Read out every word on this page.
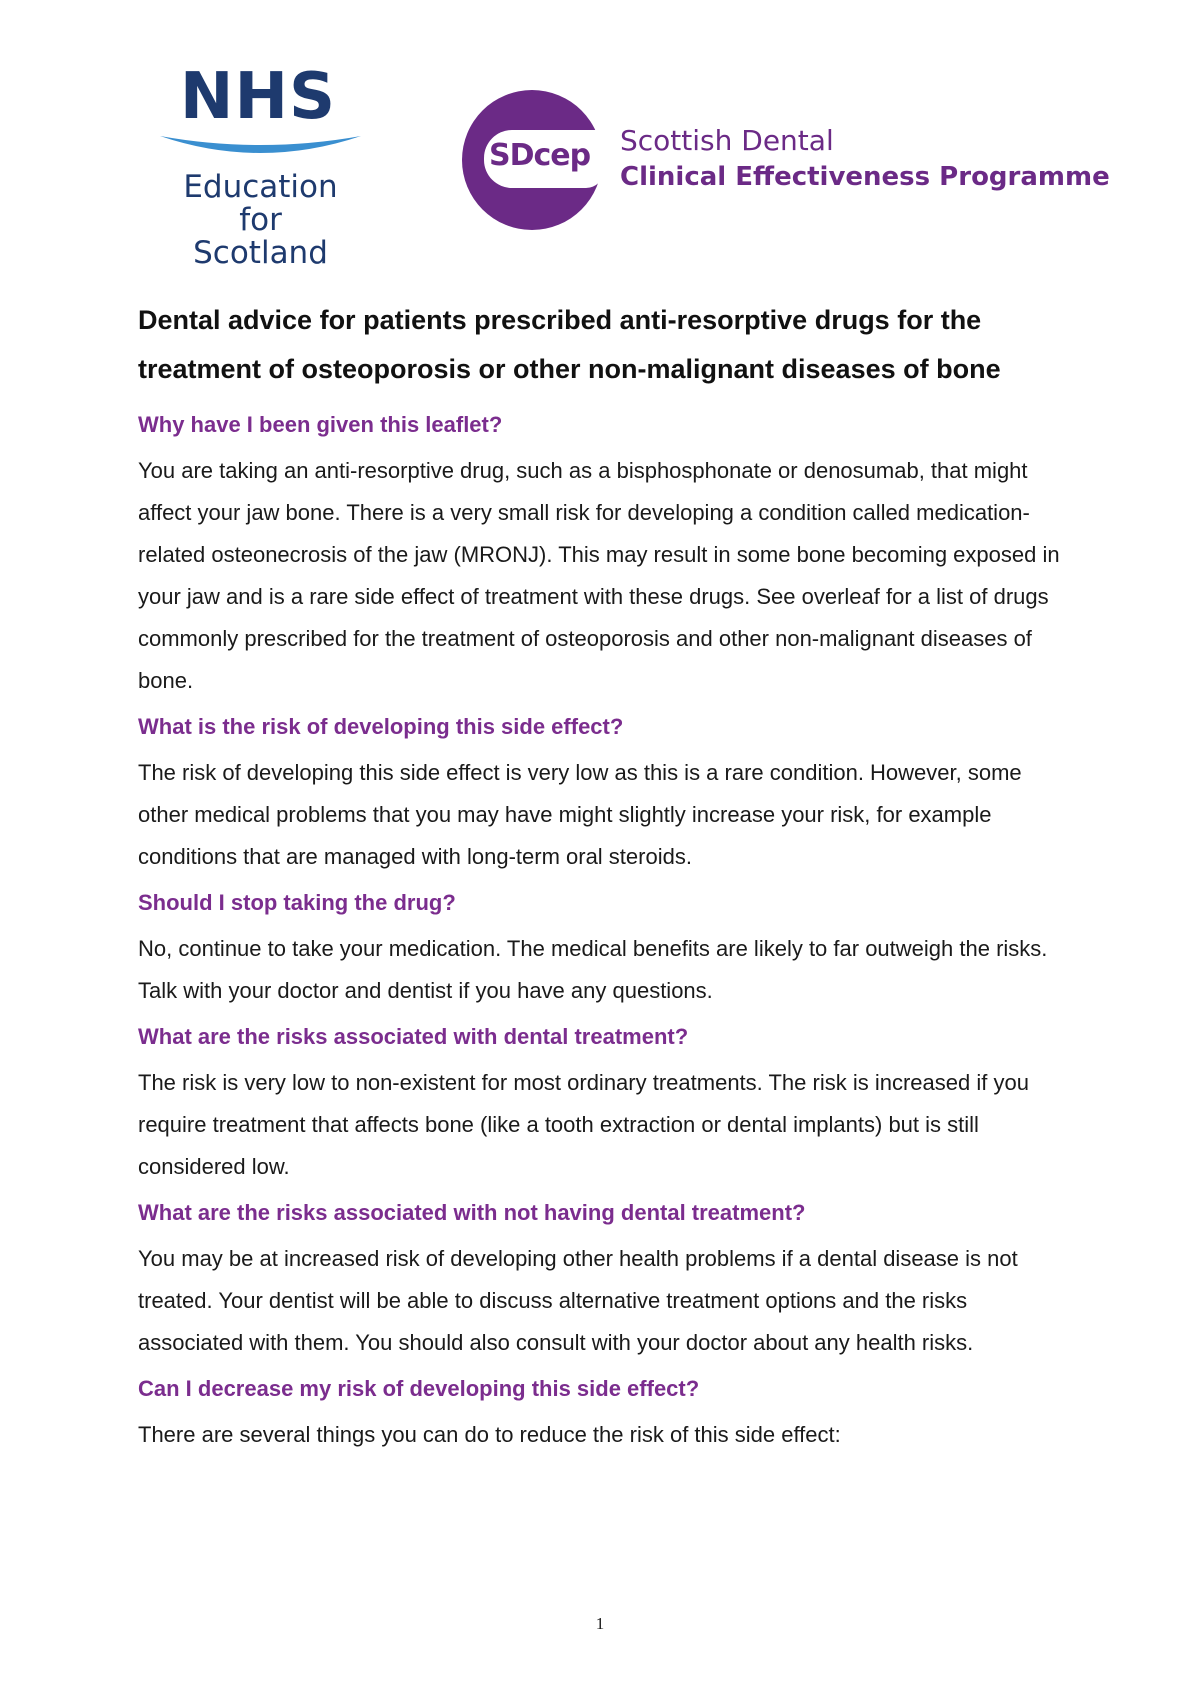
NHS
Education
for
Scotland
SDcep Scottish Dental
Clinical Effectiveness Programme
Dental advice for patients prescribed anti-resorptive drugs for the treatment of osteoporosis or other non-malignant diseases of bone
Why have I been given this leaflet?

You are taking an anti-resorptive drug, such as a bisphosphonate or denosumab, that might affect your jaw bone. There is a very small risk for developing a condition called medication-related osteonecrosis of the jaw (MRONJ). This may result in some bone becoming exposed in your jaw and is a rare side effect of treatment with these drugs. See overleaf for a list of drugs commonly prescribed for the treatment of osteoporosis and other non-malignant diseases of bone.

What is the risk of developing this side effect?

The risk of developing this side effect is very low as this is a rare condition. However, some other medical problems that you may have might slightly increase your risk, for example conditions that are managed with long-term oral steroids.

Should I stop taking the drug?

No, continue to take your medication. The medical benefits are likely to far outweigh the risks. Talk with your doctor and dentist if you have any questions.

What are the risks associated with dental treatment?

The risk is very low to non-existent for most ordinary treatments. The risk is increased if you require treatment that affects bone (like a tooth extraction or dental implants) but is still considered low.

What are the risks associated with not having dental treatment?

You may be at increased risk of developing other health problems if a dental disease is not treated. Your dentist will be able to discuss alternative treatment options and the risks associated with them. You should also consult with your doctor about any health risks.

Can I decrease my risk of developing this side effect?

There are several things you can do to reduce the risk of this side effect:

1
